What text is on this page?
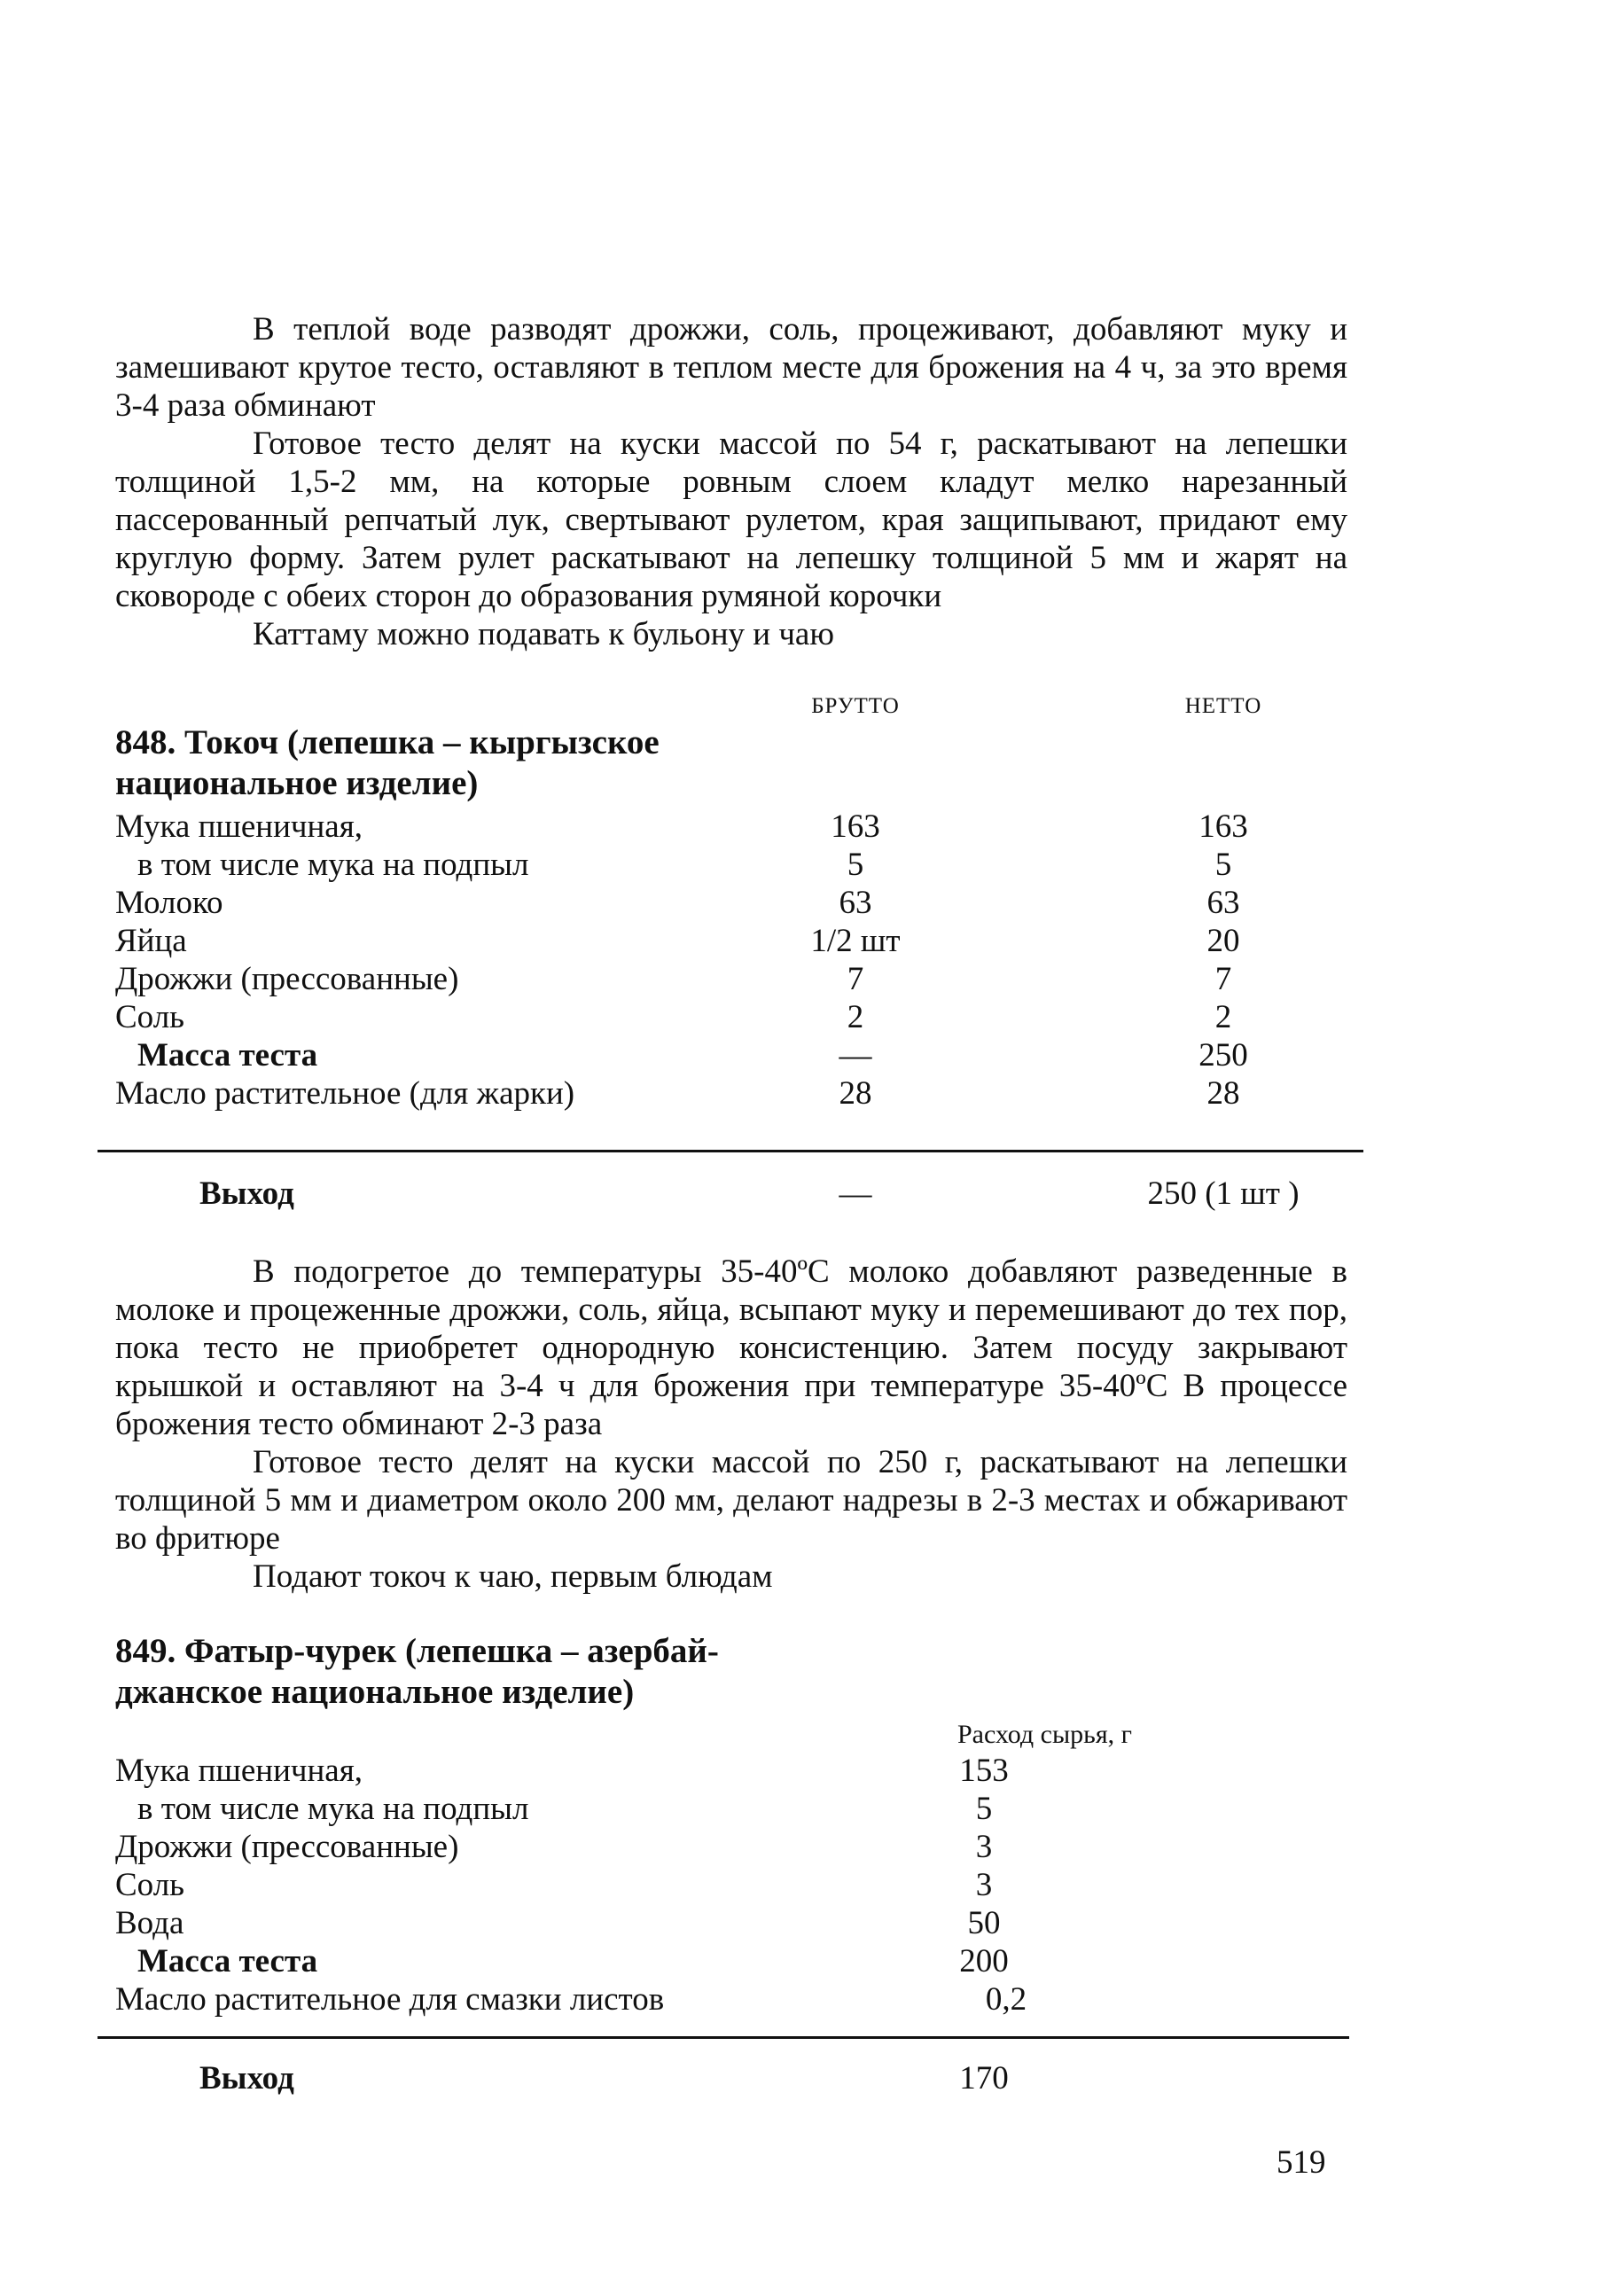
В теплой воде разводят дрожжи, соль, процеживают, добавляют муку и замешивают крутое тесто, оставляют в теплом месте для брожения на 4 ч, за это время 3-4 раза обминают

Готовое тесто делят на куски массой по 54 г, раскатывают на лепешки толщиной 1,5-2 мм, на которые ровным слоем кладут мелко нарезанный пассерованный репчатый лук, свертывают рулетом, края защипывают, придают ему круглую форму. Затем рулет раскатывают на лепешку толщиной 5 мм и жарят на сковороде с обеих сторон до образования румяной корочки

Каттаму можно подавать к бульону и чаю

БРУТТО	НЕТТО

848. Токоч (лепешка – кыргызское

национальное изделие)

Мука пшеничная,	163	163
в том числе мука на подпыл	5	5
Молоко	63	63
Яйца	1/2 шт	20
Дрожжи (прессованные)	7	7
Соль	2	2
Масса теста	—	250
Масло растительное (для жарки)	28	28
Выход	—	250 (1 шт )

В подогретое до температуры 35-40ºС молоко добавляют разведенные в молоке и процеженные дрожжи, соль, яйца, всыпают муку и перемешивают до тех пор, пока тесто не приобретет однородную консистенцию. Затем посуду закрывают крышкой и оставляют на 3-4 ч для брожения при температуре 35-40ºС В процессе брожения тесто обминают 2-3 раза

Готовое тесто делят на куски массой по 250 г, раскатывают на лепешки толщиной 5 мм и диаметром около 200 мм, делают надрезы в 2-3 местах и обжаривают во фритюре

Подают токоч к чаю, первым блюдам

849. Фатыр-чурек (лепешка – азербай-

джанское национальное изделие)

Расход сырья, г
Мука пшеничная,	153
в том числе мука на подпыл	5
Дрожжи (прессованные)	3
Соль	3
Вода	50
Масса теста	200
Масло растительное для смазки листов	0,2
Выход	170
519
